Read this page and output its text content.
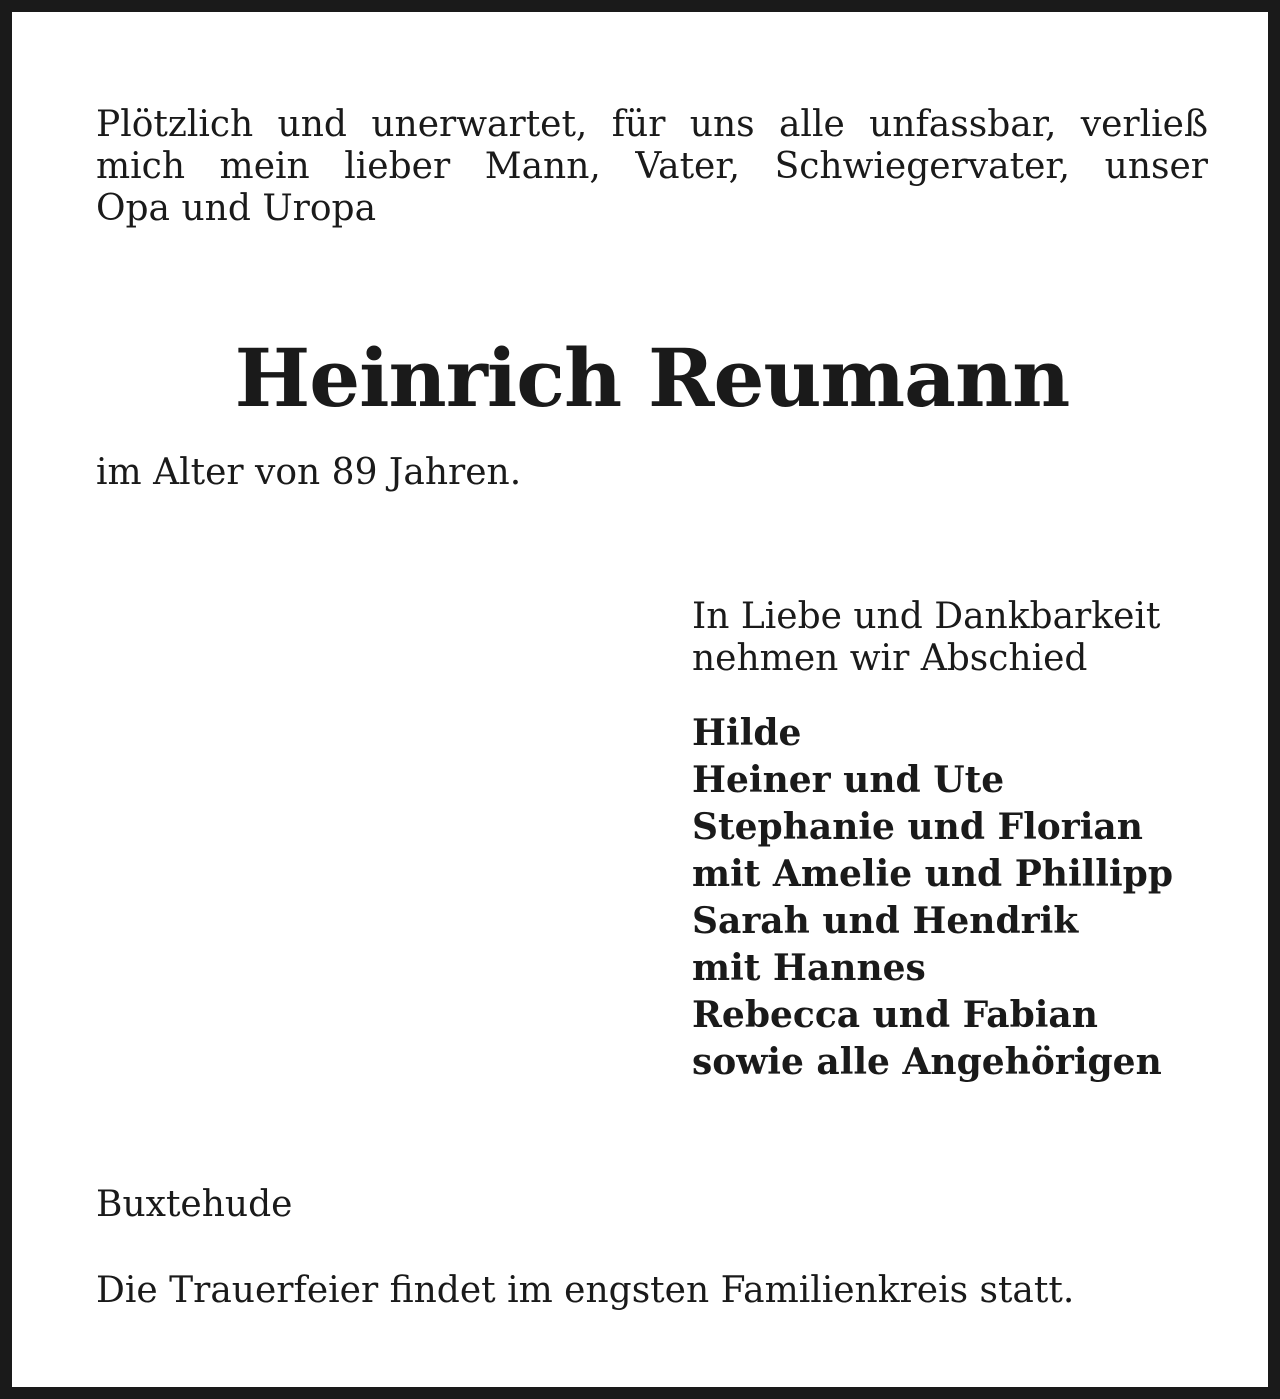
Plötzlich und unerwartet, für uns alle unfassbar, verließ
mich mein lieber Mann, Vater, Schwiegervater, unser
Opa und Uropa

Heinrich Reumann

im Alter von 89 Jahren.

In Liebe und Dankbarkeit
nehmen wir Abschied

Hilde
Heiner und Ute
Stephanie und Florian
mit Amelie und Phillipp
Sarah und Hendrik
mit Hannes
Rebecca und Fabian
sowie alle Angehörigen

Buxtehude

Die Trauerfeier findet im engsten Familienkreis statt.
